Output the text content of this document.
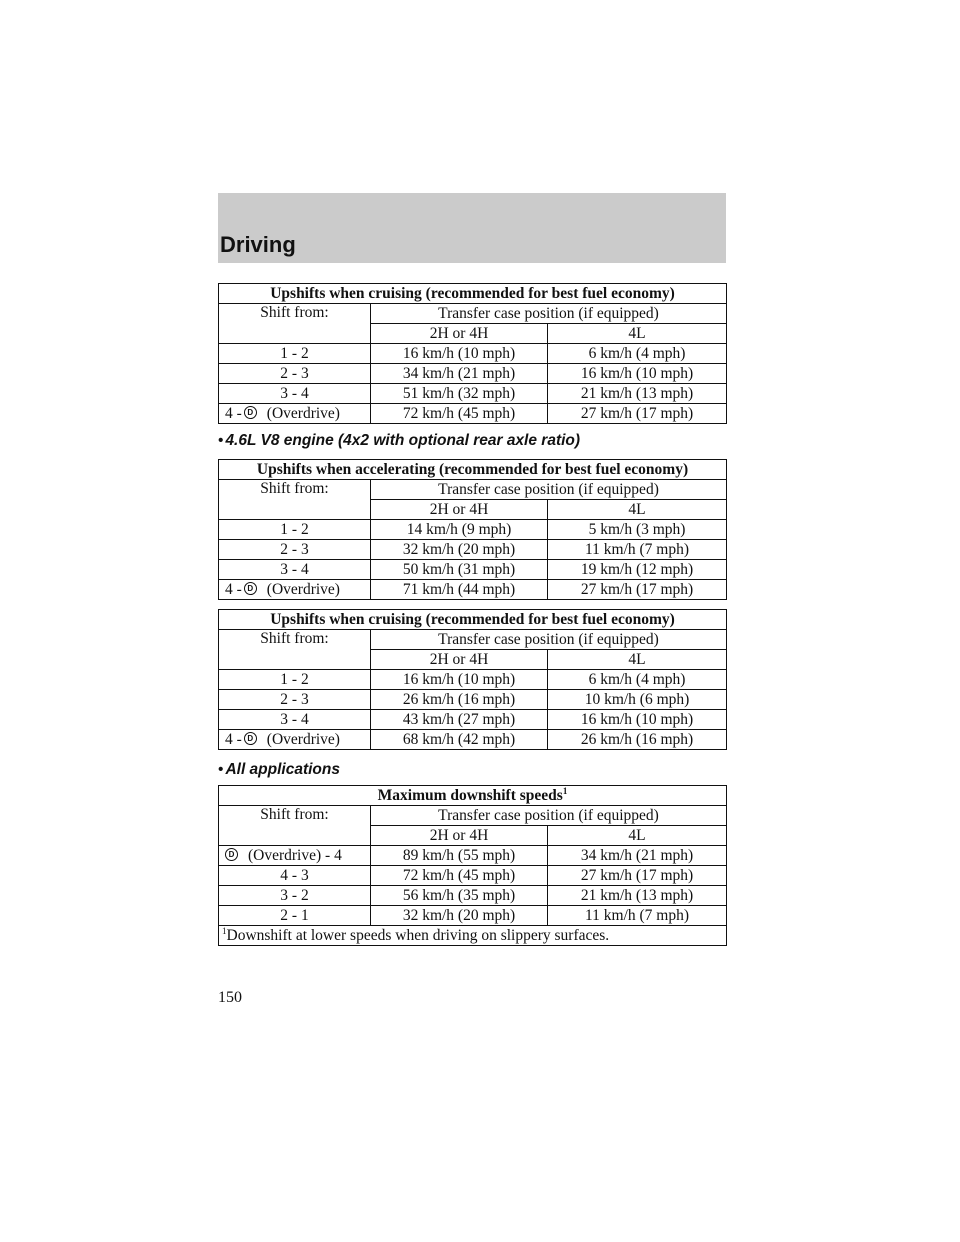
Driving
Upshifts when cruising (recommended for best fuel economy)		
Shift from:	Transfer case position (if equipped)	
	2H or 4H	4L
1 - 2	16 km/h (10 mph)	6 km/h (4 mph)
2 - 3	34 km/h (21 mph)	16 km/h (10 mph)
3 - 4	51 km/h (32 mph)	21 km/h (13 mph)
4 - D (Overdrive)	72 km/h (45 mph)	27 km/h (17 mph)
• 4.6L V8 engine (4x2 with optional rear axle ratio)
Upshifts when accelerating (recommended for best fuel economy)		
Shift from:	Transfer case position (if equipped)	
	2H or 4H	4L
1 - 2	14 km/h (9 mph)	5 km/h (3 mph)
2 - 3	32 km/h (20 mph)	11 km/h (7 mph)
3 - 4	50 km/h (31 mph)	19 km/h (12 mph)
4 - D (Overdrive)	71 km/h (44 mph)	27 km/h (17 mph)
Upshifts when cruising (recommended for best fuel economy)		
Shift from:	Transfer case position (if equipped)	
	2H or 4H	4L
1 - 2	16 km/h (10 mph)	6 km/h (4 mph)
2 - 3	26 km/h (16 mph)	10 km/h (6 mph)
3 - 4	43 km/h (27 mph)	16 km/h (10 mph)
4 - D (Overdrive)	68 km/h (42 mph)	26 km/h (16 mph)
• All applications
Maximum downshift speeds$^1$
Shift from:	Transfer case position (if equipped)	
	2H or 4H	4L
D (Overdrive) - 4	89 km/h (55 mph)	34 km/h (21 mph)
4 - 3	72 km/h (45 mph)	27 km/h (17 mph)
3 - 2	56 km/h (35 mph)	21 km/h (13 mph)
2 - 1	32 km/h (20 mph)	11 km/h (7 mph)
$^1$Downshift at lower speeds when driving on slippery surfaces.		
150
